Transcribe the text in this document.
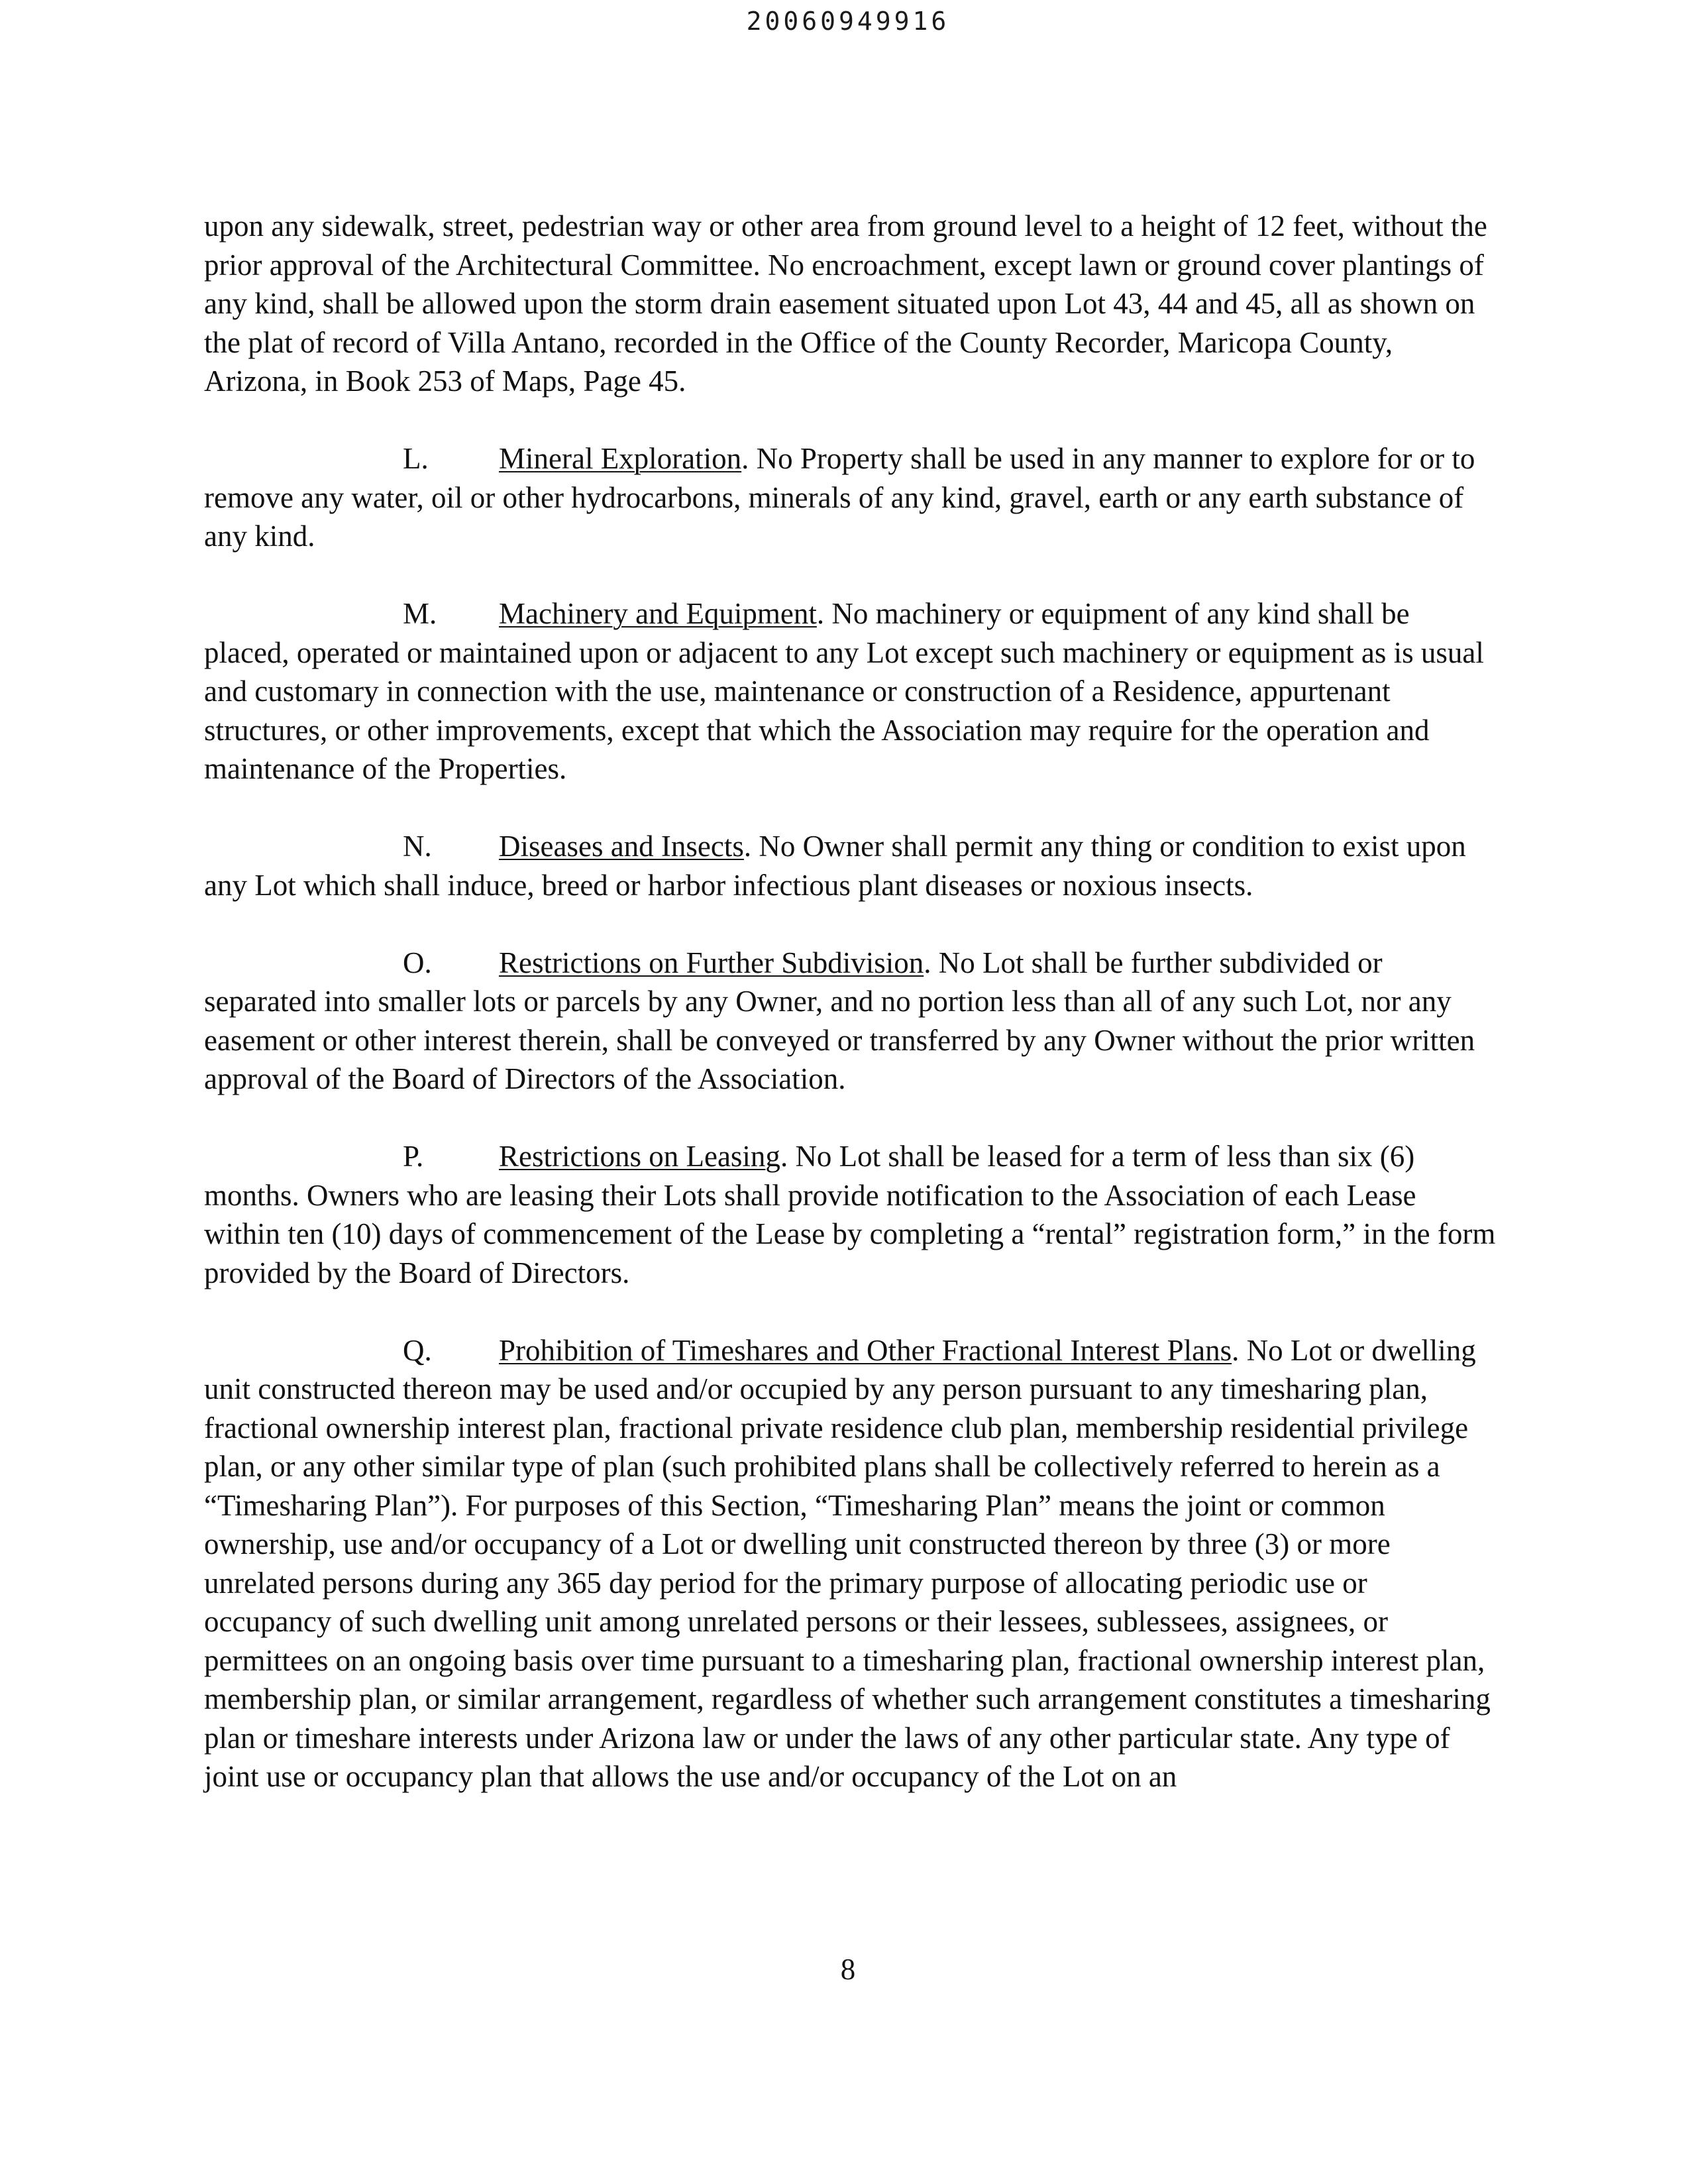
20060949916

upon any sidewalk, street, pedestrian way or other area from ground level to a height of 12 feet, without the prior approval of the Architectural Committee. No encroachment, except lawn or ground cover plantings of any kind, shall be allowed upon the storm drain easement situated upon Lot 43, 44 and 45, all as shown on the plat of record of Villa Antano, recorded in the Office of the County Recorder, Maricopa County, Arizona, in Book 253 of Maps, Page 45.

L. Mineral Exploration. No Property shall be used in any manner to explore for or to remove any water, oil or other hydrocarbons, minerals of any kind, gravel, earth or any earth substance of any kind.

M. Machinery and Equipment. No machinery or equipment of any kind shall be placed, operated or maintained upon or adjacent to any Lot except such machinery or equipment as is usual and customary in connection with the use, maintenance or construction of a Residence, appurtenant structures, or other improvements, except that which the Association may require for the operation and maintenance of the Properties.

N. Diseases and Insects. No Owner shall permit any thing or condition to exist upon any Lot which shall induce, breed or harbor infectious plant diseases or noxious insects.

O. Restrictions on Further Subdivision. No Lot shall be further subdivided or separated into smaller lots or parcels by any Owner, and no portion less than all of any such Lot, nor any easement or other interest therein, shall be conveyed or transferred by any Owner without the prior written approval of the Board of Directors of the Association.

P.	Restrictions on Leasing. No Lot shall be leased for a term of less than six (6) months. Owners who are leasing their Lots shall provide notification to the Association of each Lease within ten (10) days of commencement of the Lease by completing a “rental” registration form,” in the form provided by the Board of Directors.

Q. Prohibition of Timeshares and Other Fractional Interest Plans. No Lot or dwelling unit constructed thereon may be used and/or occupied by any person pursuant to any timesharing plan, fractional ownership interest plan, fractional private residence club plan, membership residential privilege plan, or any other similar type of plan (such prohibited plans shall be collectively referred to herein as a “Timesharing Plan”). For purposes of this Section, “Timesharing Plan” means the joint or common ownership, use and/or occupancy of a Lot or dwelling unit constructed thereon by three (3) or more unrelated persons during any 365 day period for the primary purpose of allocating periodic use or occupancy of such dwelling unit among unrelated persons or their lessees, sublessees, assignees, or permittees on an ongoing basis over time pursuant to a timesharing plan, fractional ownership interest plan, membership plan, or similar arrangement, regardless of whether such arrangement constitutes a timesharing plan or timeshare interests under Arizona law or under the laws of any other particular state. Any type of joint use or occupancy plan that allows the use and/or occupancy of the Lot on an

8
